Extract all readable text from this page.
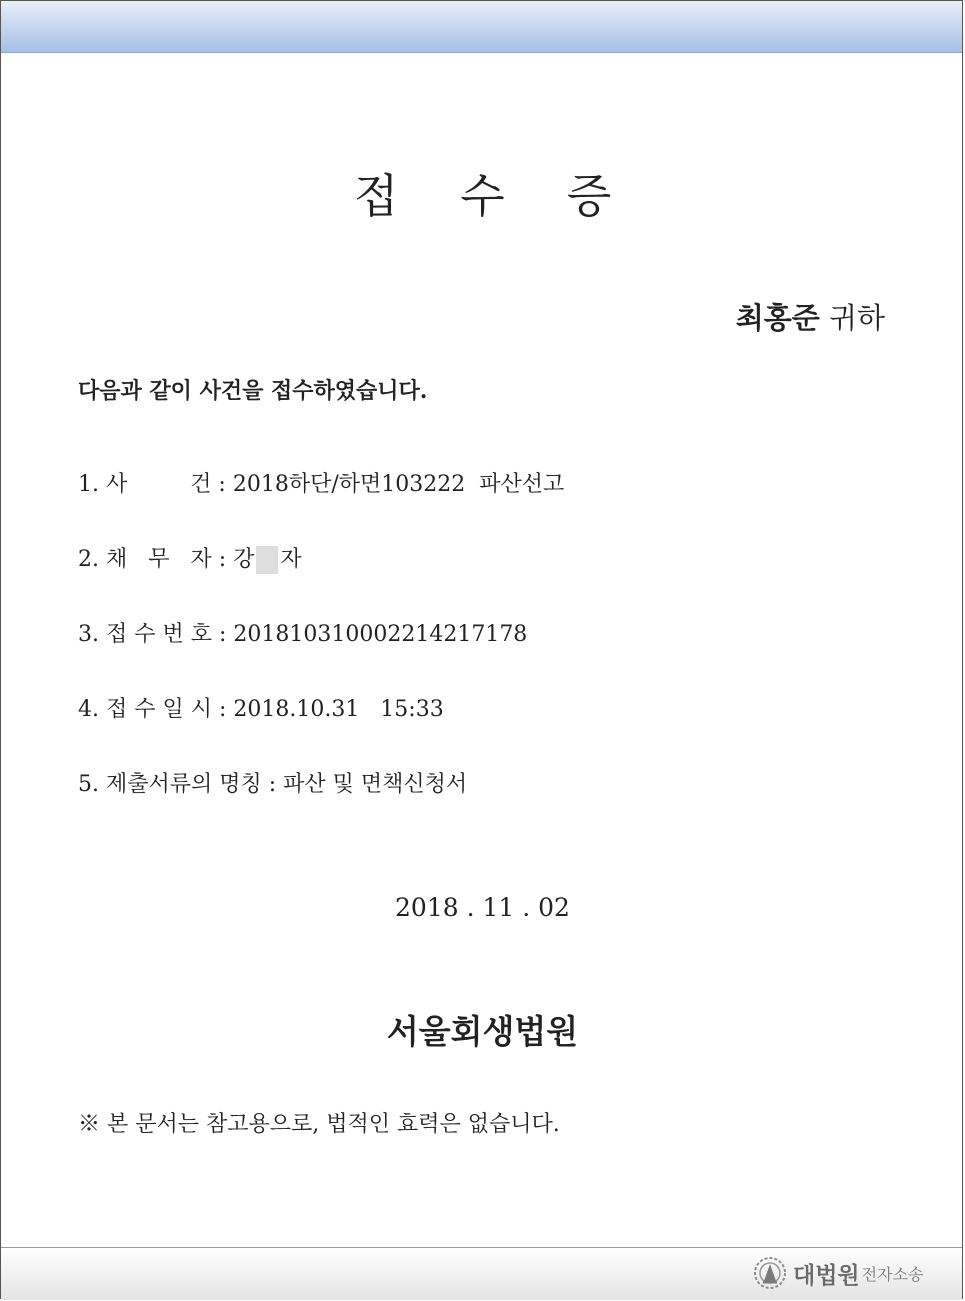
접수증
최홍준 귀하
다음과 같이 사건을 접수하였습니다.
1. 사         건 : 2018하단/하면103222  파산선고
2. 채   무   자 : 강 자
3. 접 수 번 호 : 201810310002214217178
4. 접 수 일 시 : 2018.10.31   15:33
5. 제출서류의 명칭 : 파산 및 면책신청서
2018 . 11 . 02
서울회생법원
※ 본 문서는 참고용으로, 법적인 효력은 없습니다.
대법원 전자소송
